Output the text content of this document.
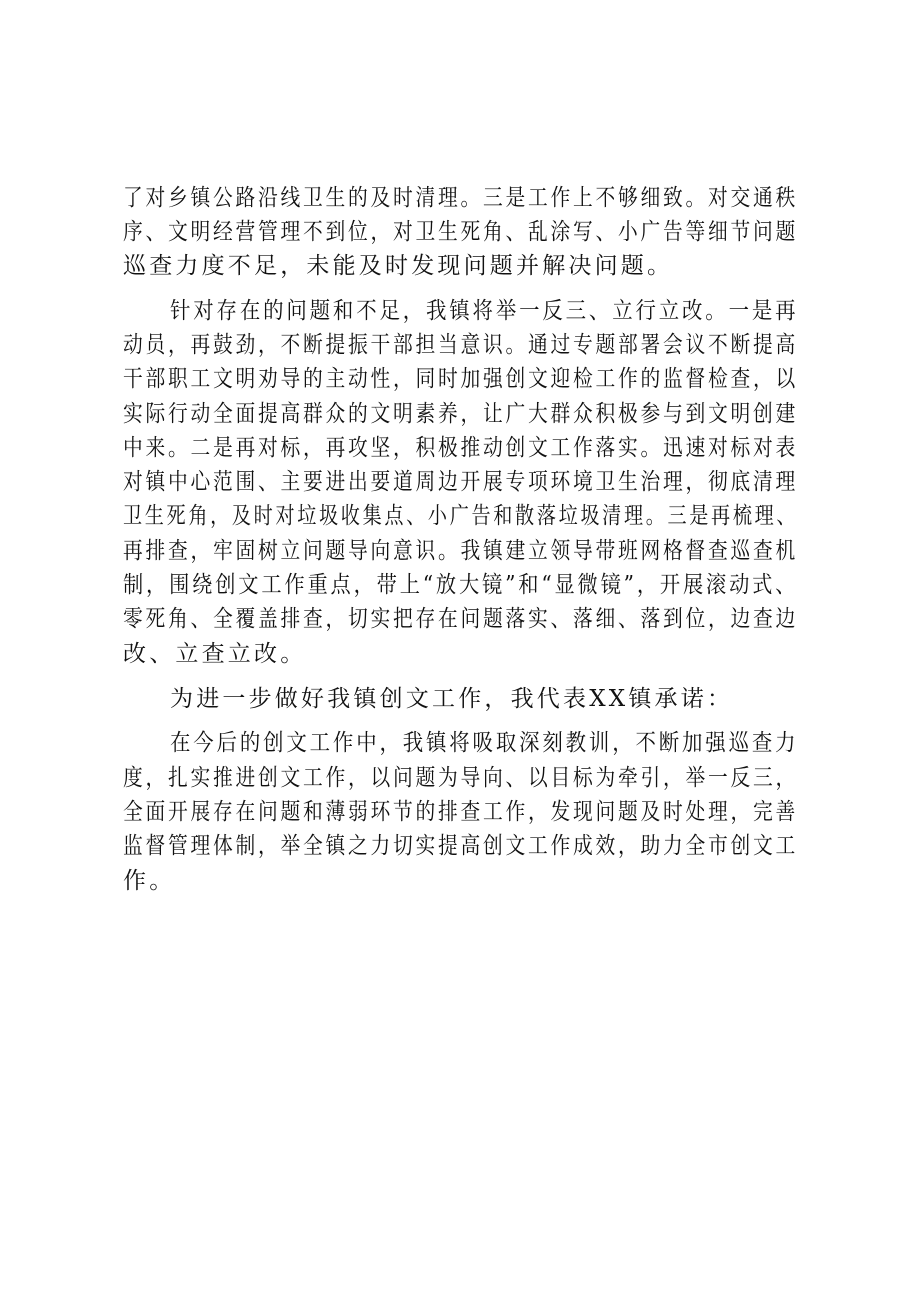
了对乡镇公路沿线卫生的及时清理。三是工作上不够细致。对交通秩
序、文明经营管理不到位，对卫生死角、乱涂写、小广告等细节问题
巡查力度不足，未能及时发现问题并解决问题。
针对存在的问题和不足，我镇将举一反三、立行立改。一是再
动员，再鼓劲，不断提振干部担当意识。通过专题部署会议不断提高
干部职工文明劝导的主动性，同时加强创文迎检工作的监督检查，以
实际行动全面提高群众的文明素养，让广大群众积极参与到文明创建
中来。二是再对标，再攻坚，积极推动创文工作落实。迅速对标对表
对镇中心范围、主要进出要道周边开展专项环境卫生治理，彻底清理
卫生死角，及时对垃圾收集点、小广告和散落垃圾清理。三是再梳理、
再排查，牢固树立问题导向意识。我镇建立领导带班网格督查巡查机
制，围绕创文工作重点，带上“放大镜”和“显微镜”，开展滚动式、
零死角、全覆盖排查，切实把存在问题落实、落细、落到位，边查边
改、立查立改。
为进一步做好我镇创文工作，我代表XX镇承诺：
在今后的创文工作中，我镇将吸取深刻教训，不断加强巡查力
度，扎实推进创文工作，以问题为导向、以目标为牵引，举一反三，
全面开展存在问题和薄弱环节的排查工作，发现问题及时处理，完善
监督管理体制，举全镇之力切实提高创文工作成效，助力全市创文工
作。
